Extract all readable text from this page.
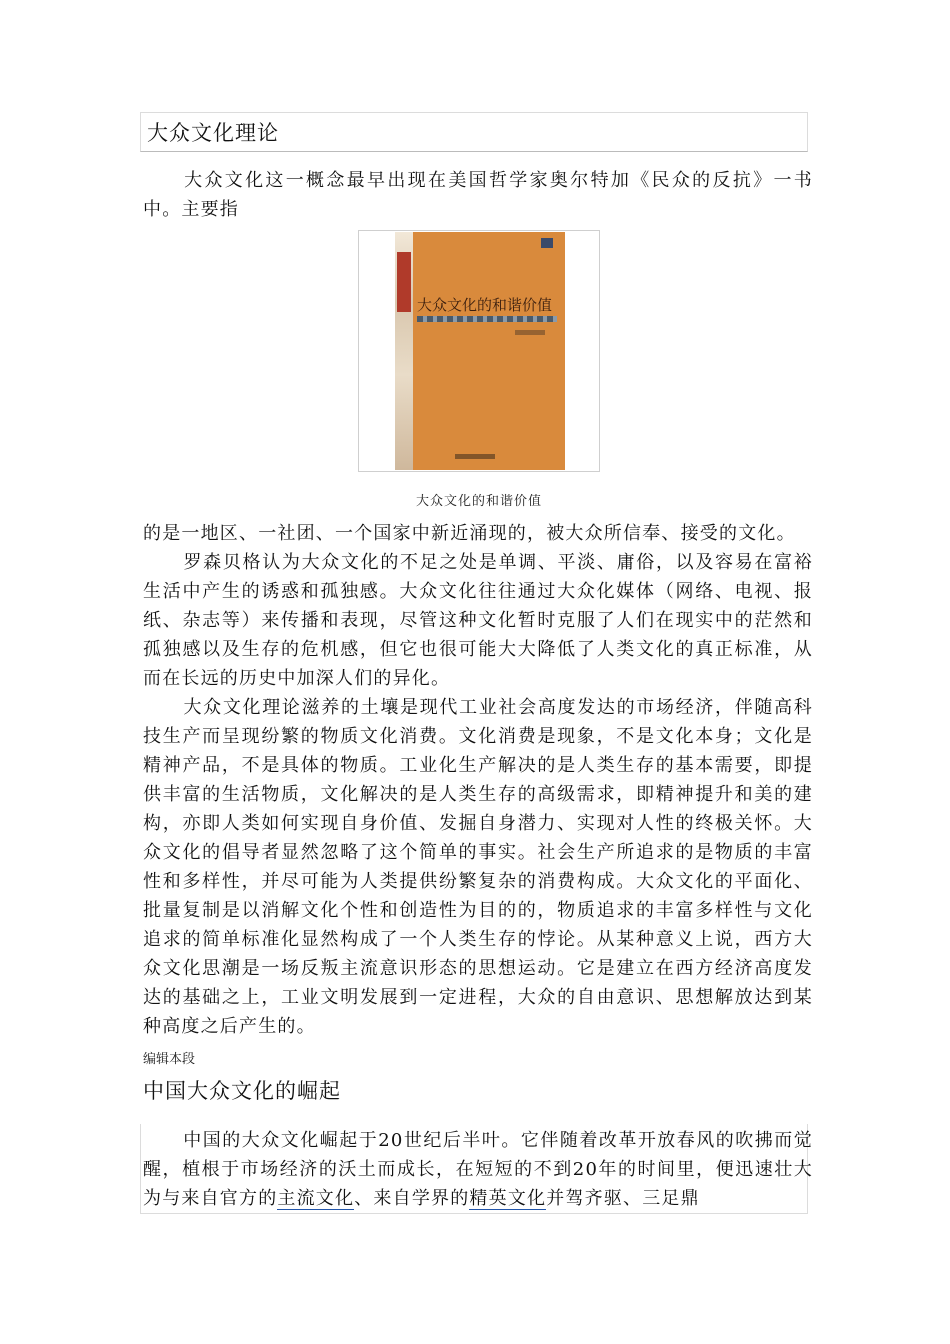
大众文化理论

大众文化这一概念最早出现在美国哲学家奥尔特加《民众的反抗》一书中。主要指

大众文化的和谐价值
大众文化的和谐价值

的是一地区、一社团、一个国家中新近涌现的，被大众所信奉、接受的文化。

罗森贝格认为大众文化的不足之处是单调、平淡、庸俗，以及容易在富裕生活中产生的诱惑和孤独感。大众文化往往通过大众化媒体（网络、电视、报纸、杂志等）来传播和表现，尽管这种文化暂时克服了人们在现实中的茫然和孤独感以及生存的危机感，但它也很可能大大降低了人类文化的真正标准，从而在长远的历史中加深人们的异化。

大众文化理论滋养的土壤是现代工业社会高度发达的市场经济，伴随高科技生产而呈现纷繁的物质文化消费。文化消费是现象，不是文化本身；文化是精神产品，不是具体的物质。工业化生产解决的是人类生存的基本需要，即提供丰富的生活物质，文化解决的是人类生存的高级需求，即精神提升和美的建构，亦即人类如何实现自身价值、发掘自身潜力、实现对人性的终极关怀。大众文化的倡导者显然忽略了这个简单的事实。社会生产所追求的是物质的丰富性和多样性，并尽可能为人类提供纷繁复杂的消费构成。大众文化的平面化、批量复制是以消解文化个性和创造性为目的的，物质追求的丰富多样性与文化追求的简单标准化显然构成了一个人类生存的悖论。从某种意义上说，西方大众文化思潮是一场反叛主流意识形态的思想运动。它是建立在西方经济高度发达的基础之上，工业文明发展到一定进程，大众的自由意识、思想解放达到某种高度之后产生的。

编辑本段
中国大众文化的崛起

中国的大众文化崛起于20世纪后半叶。它伴随着改革开放春风的吹拂而觉醒，植根于市场经济的沃土而成长，在短短的不到20年的时间里，便迅速壮大为与来自官方的主流文化、来自学界的精英文化并驾齐驱、三足鼎
